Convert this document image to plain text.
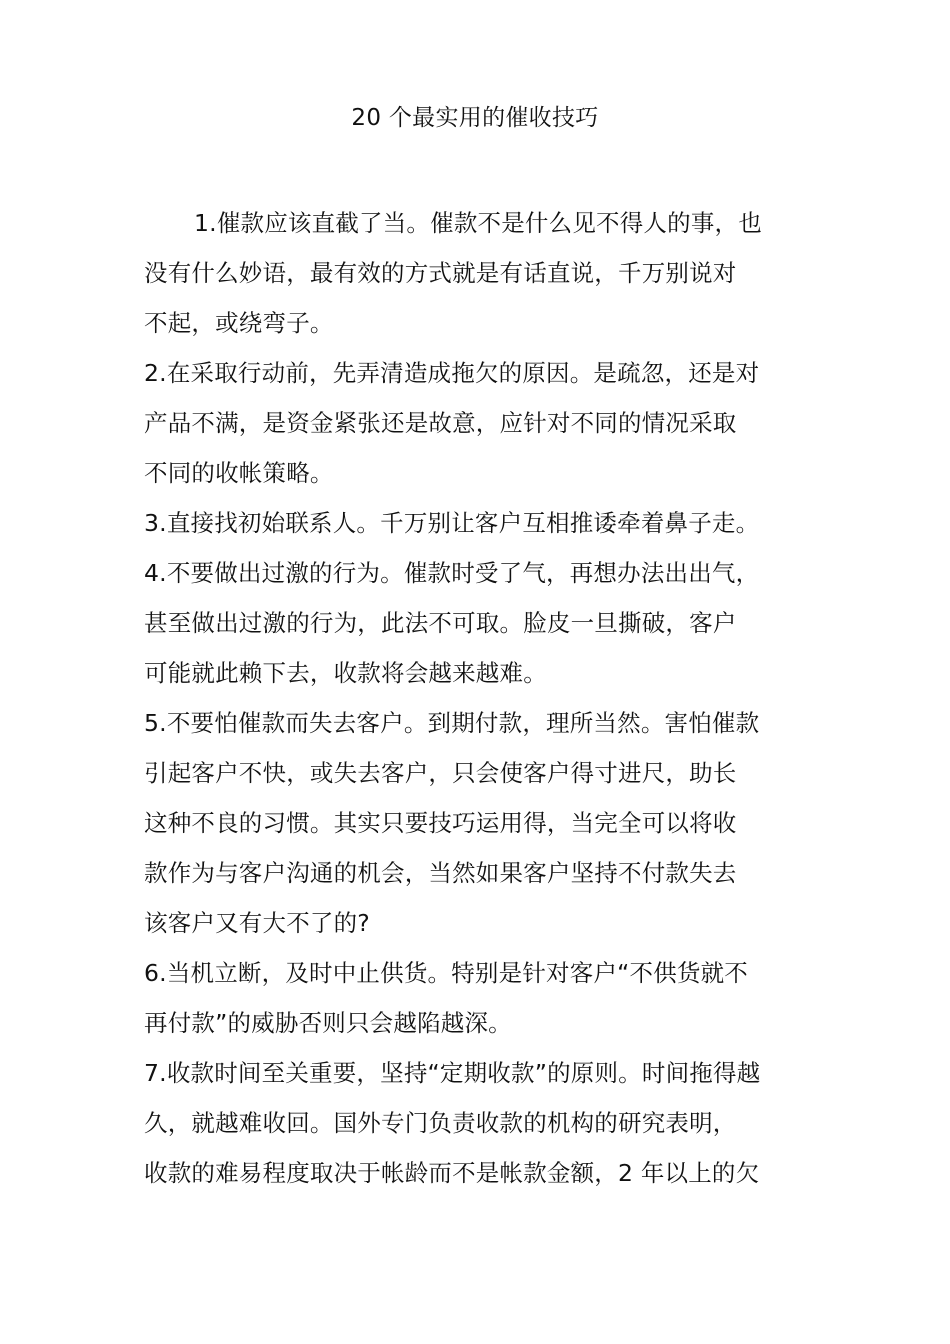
20 个最实用的催收技巧
1.催款应该直截了当。催款不是什么见不得人的事，也
没有什么妙语，最有效的方式就是有话直说，千万别说对
不起，或绕弯子。
2.在采取行动前，先弄清造成拖欠的原因。是疏忽，还是对
产品不满，是资金紧张还是故意，应针对不同的情况采取
不同的收帐策略。
3.直接找初始联系人。千万别让客户互相推诿牵着鼻子走。
4.不要做出过激的行为。催款时受了气，再想办法出出气，
甚至做出过激的行为，此法不可取。脸皮一旦撕破，客户
可能就此赖下去，收款将会越来越难。
5.不要怕催款而失去客户。到期付款，理所当然。害怕催款
引起客户不快，或失去客户，只会使客户得寸进尺，助长
这种不良的习惯。其实只要技巧运用得，当完全可以将收
款作为与客户沟通的机会，当然如果客户坚持不付款失去
该客户又有大不了的?
6.当机立断，及时中止供货。特别是针对客户“不供货就不
再付款”的威胁否则只会越陷越深。
7.收款时间至关重要，坚持“定期收款”的原则。时间拖得越
久，就越难收回。国外专门负责收款的机构的研究表明，
收款的难易程度取决于帐龄而不是帐款金额，2 年以上的欠
